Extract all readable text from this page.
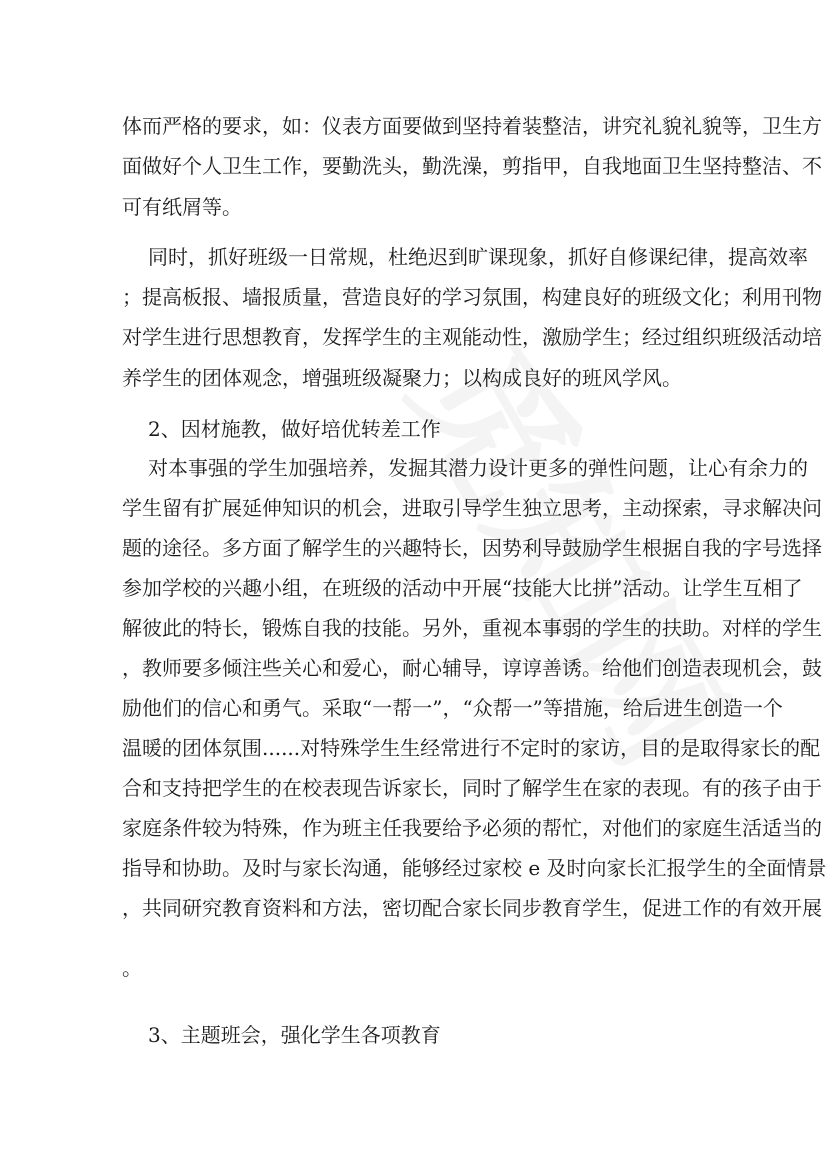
体而严格的要求，如：仪表方面要做到坚持着装整洁，讲究礼貌礼貌等，卫生方
面做好个人卫生工作，要勤洗头，勤洗澡，剪指甲，自我地面卫生坚持整洁、不
可有纸屑等。
同时，抓好班级一日常规，杜绝迟到旷课现象，抓好自修课纪律，提高效率
；提高板报、墙报质量，营造良好的学习氛围，构建良好的班级文化；利用刊物
对学生进行思想教育，发挥学生的主观能动性，激励学生；经过组织班级活动培
养学生的团体观念，增强班级凝聚力；以构成良好的班风学风。
2、因材施教，做好培优转差工作
对本事强的学生加强培养，发掘其潜力设计更多的弹性问题，让心有余力的
学生留有扩展延伸知识的机会，进取引导学生独立思考，主动探索，寻求解决问
题的途径。多方面了解学生的兴趣特长，因势利导鼓励学生根据自我的字号选择
参加学校的兴趣小组，在班级的活动中开展“技能大比拼”活动。让学生互相了
解彼此的特长，锻炼自我的技能。另外，重视本事弱的学生的扶助。对样的学生
，教师要多倾注些关心和爱心，耐心辅导，谆谆善诱。给他们创造表现机会，鼓
励他们的信心和勇气。采取“一帮一”，“众帮一”等措施，给后进生创造一个
温暖的团体氛围......对特殊学生生经常进行不定时的家访，目的是取得家长的配
合和支持把学生的在校表现告诉家长，同时了解学生在家的表现。有的孩子由于
家庭条件较为特殊，作为班主任我要给予必须的帮忙，对他们的家庭生活适当的
指导和协助。及时与家长沟通，能够经过家校 e 及时向家长汇报学生的全面情景
，共同研究教育资料和方法，密切配合家长同步教育学生，促进工作的有效开展
。
3、主题班会，强化学生各项教育
